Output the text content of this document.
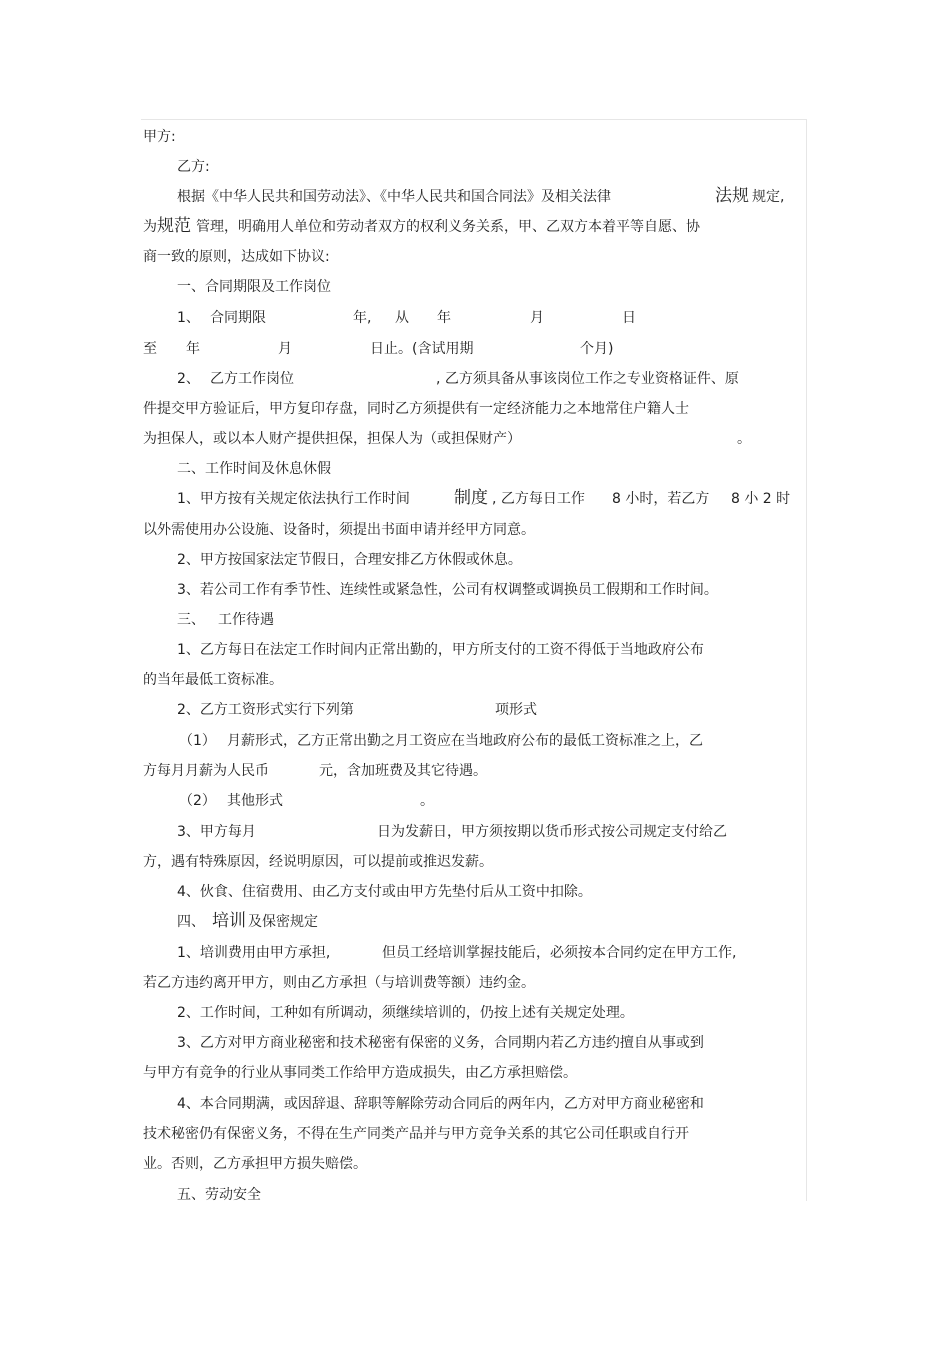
甲方:
乙方:
根据《中华人民共和国劳动法》、《中华人民共和国合同法》及相关法律	法规 规定,
为 规范 管理，明确用人单位和劳动者双方的权利义务关系，甲、乙双方本着平等自愿、协
商一致的原则，达成如下协议:
一、合同期限及工作岗位
1、 合同期限	年, 从 年	月	日
至 年	月	日止。(含试用期	个月)
2、 乙方工作岗位	, 乙方须具备从事该岗位工作之专业资格证件、原
件提交甲方验证后，甲方复印存盘，同时乙方须提供有一定经济能力之本地常住户籍人士
为担保人，或以本人财产提供担保，担保人为（或担保财产）	。
二、工作时间及休息休假
1、甲方按有关规定依法执行工作时间	制度 , 乙方每日工作 8 小时，若乙方 8 小 2 时
以外需使用办公设施、设备时，须提出书面申请并经甲方同意。
2、甲方按国家法定节假日，合理安排乙方休假或休息。
3、若公司工作有季节性、连续性或紧急性，公司有权调整或调换员工假期和工作时间。
三、 工作待遇
1、乙方每日在法定工作时间内正常出勤的，甲方所支付的工资不得低于当地政府公布
的当年最低工资标准。
2、乙方工资形式实行下列第	项形式
（1） 月薪形式，乙方正常出勤之月工资应在当地政府公布的最低工资标准之上，乙
方每月月薪为人民币	元，含加班费及其它待遇。
（2） 其他形式	。
3、甲方每月	日为发薪日，甲方须按期以货币形式按公司规定支付给乙
方，遇有特殊原因，经说明原因，可以提前或推迟发薪。
4、伙食、住宿费用、由乙方支付或由甲方先垫付后从工资中扣除。
四、 培训 及保密规定
1、培训费用由甲方承担,	但员工经培训掌握技能后，必须按本合同约定在甲方工作,
若乙方违约离开甲方，则由乙方承担（与培训费等额）违约金。
2、工作时间，工种如有所调动，须继续培训的，仍按上述有关规定处理。
3、乙方对甲方商业秘密和技术秘密有保密的义务，合同期内若乙方违约擅自从事或到
与甲方有竞争的行业从事同类工作给甲方造成损失，由乙方承担赔偿。
4、本合同期满，或因辞退、辞职等解除劳动合同后的两年内，乙方对甲方商业秘密和
技术秘密仍有保密义务，不得在生产同类产品并与甲方竞争关系的其它公司任职或自行开
业。否则，乙方承担甲方损失赔偿。
五、劳动安全
